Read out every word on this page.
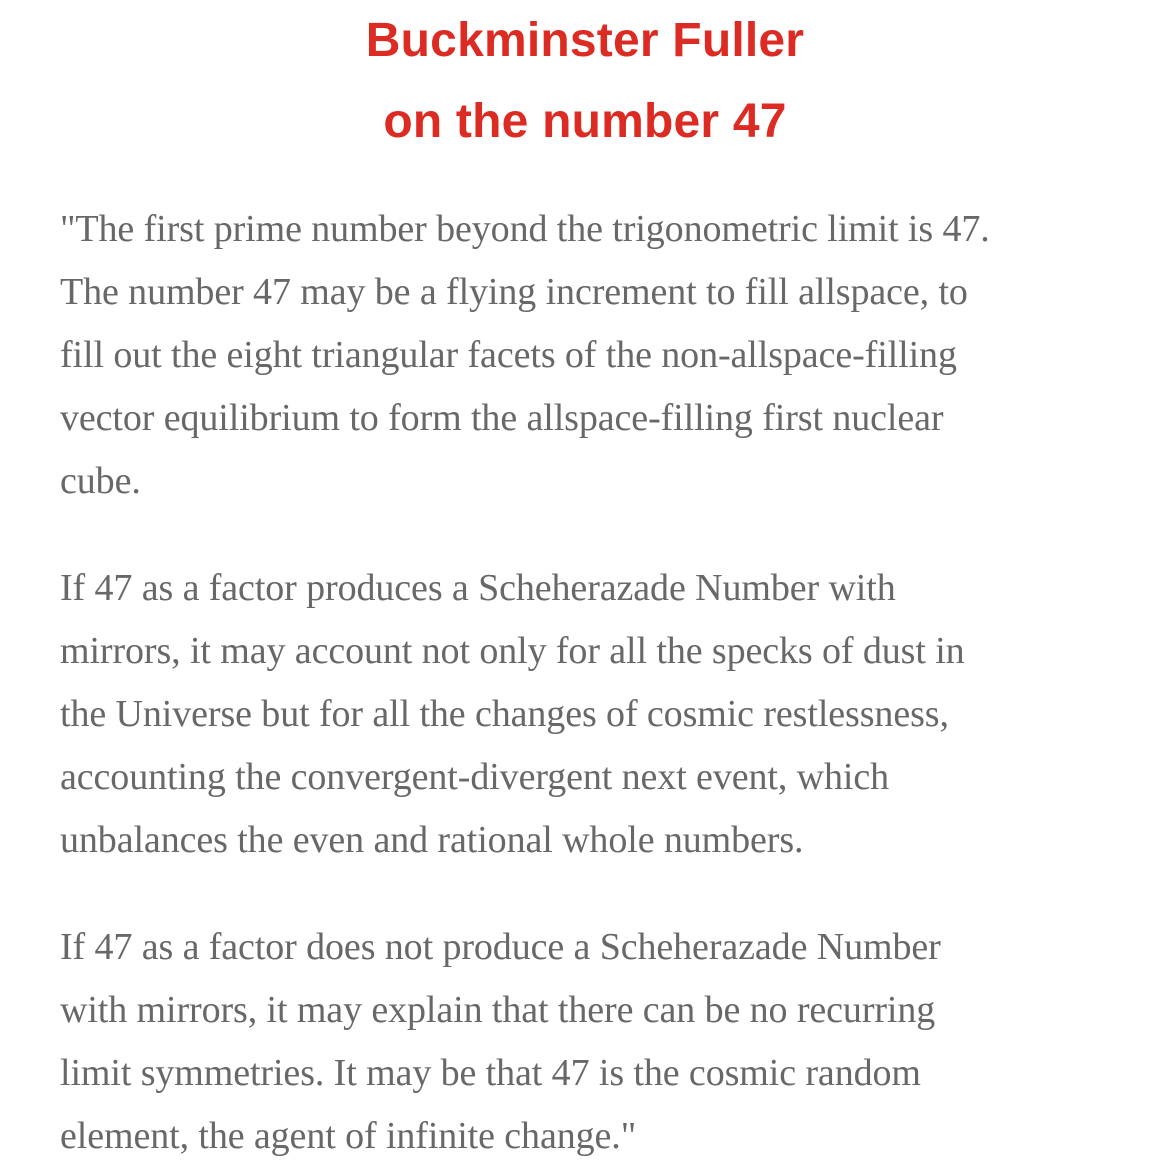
Buckminster Fuller
on the number 47

"The first prime number beyond the trigonometric limit is 47.
The number 47 may be a flying increment to fill allspace, to
fill out the eight triangular facets of the non-allspace-filling
vector equilibrium to form the allspace-filling first nuclear
cube.

If 47 as a factor produces a Scheherazade Number with
mirrors, it may account not only for all the specks of dust in
the Universe but for all the changes of cosmic restlessness,
accounting the convergent-divergent next event, which
unbalances the even and rational whole numbers.

If 47 as a factor does not produce a Scheherazade Number
with mirrors, it may explain that there can be no recurring
limit symmetries. It may be that 47 is the cosmic random
element, the agent of infinite change."
